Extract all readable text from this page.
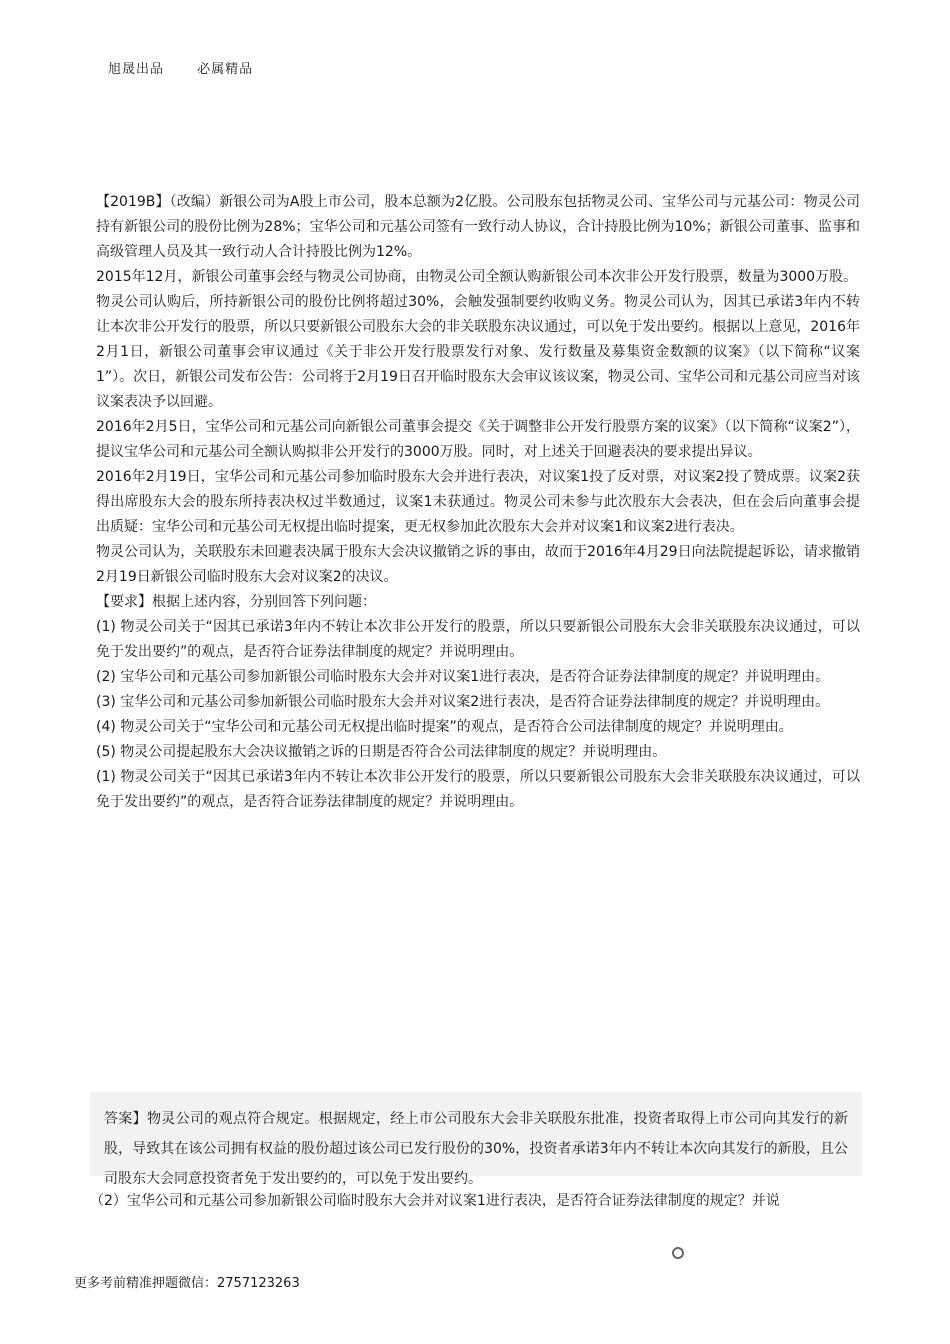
旭晟出品	必属精品

【2019B】（改编）新银公司为A股上市公司，股本总额为2亿股。公司股东包括物灵公司、宝华公司与元基公司：物灵公司持有新银公司的股份比例为28%；宝华公司和元基公司签有一致行动人协议，合计持股比例为10%；新银公司董事、监事和高级管理人员及其一致行动人合计持股比例为12%。

2015年12月，新银公司董事会经与物灵公司协商，由物灵公司全额认购新银公司本次非公开发行股票，数量为3000万股。

物灵公司认购后，所持新银公司的股份比例将超过30%，会触发强制要约收购义务。物灵公司认为，因其已承诺3年内不转让本次非公开发行的股票，所以只要新银公司股东大会的非关联股东决议通过，可以免于发出要约。根据以上意见，2016年2月1日，新银公司董事会审议通过《关于非公开发行股票发行对象、发行数量及募集资金数额的议案》（以下简称“议案1”）。次日，新银公司发布公告：公司将于2月19日召开临时股东大会审议该议案，物灵公司、宝华公司和元基公司应当对该议案表决予以回避。

2016年2月5日，宝华公司和元基公司向新银公司董事会提交《关于调整非公开发行股票方案的议案》（以下简称“议案2”），提议宝华公司和元基公司全额认购拟非公开发行的3000万股。同时，对上述关于回避表决的要求提出异议。

2016年2月19日，宝华公司和元基公司参加临时股东大会并进行表决，对议案1投了反对票，对议案2投了赞成票。议案2获得出席股东大会的股东所持表决权过半数通过，议案1未获通过。物灵公司未参与此次股东大会表决，但在会后向董事会提出质疑：宝华公司和元基公司无权提出临时提案，更无权参加此次股东大会并对议案1和议案2进行表决。

物灵公司认为，关联股东未回避表决属于股东大会决议撤销之诉的事由，故而于2016年4月29日向法院提起诉讼，请求撤销2月19日新银公司临时股东大会对议案2的决议。

【要求】根据上述内容，分别回答下列问题：

(1) 物灵公司关于“因其已承诺3年内不转让本次非公开发行的股票，所以只要新银公司股东大会非关联股东决议通过，可以免于发出要约”的观点，是否符合证券法律制度的规定？并说明理由。

(2) 宝华公司和元基公司参加新银公司临时股东大会并对议案1进行表决，是否符合证券法律制度的规定？并说明理由。

(3) 宝华公司和元基公司参加新银公司临时股东大会并对议案2进行表决，是否符合证券法律制度的规定？并说明理由。

(4) 物灵公司关于“宝华公司和元基公司无权提出临时提案”的观点，是否符合公司法律制度的规定？并说明理由。

(5) 物灵公司提起股东大会决议撤销之诉的日期是否符合公司法律制度的规定？并说明理由。

(1) 物灵公司关于“因其已承诺3年内不转让本次非公开发行的股票，所以只要新银公司股东大会非关联股东决议通过，可以免于发出要约”的观点，是否符合证券法律制度的规定？并说明理由。

答案】物灵公司的观点符合规定。根据规定，经上市公司股东大会非关联股东批准，投资者取得上市公司向其发行的新股，导致其在该公司拥有权益的股份超过该公司已发行股份的30%，投资者承诺3年内不转让本次向其发行的新股，且公司股东大会同意投资者免于发出要约的，可以免于发出要约。

（2）宝华公司和元基公司参加新银公司临时股东大会并对议案1进行表决，是否符合证券法律制度的规定？并说
更多考前精准押题微信：2757123263
